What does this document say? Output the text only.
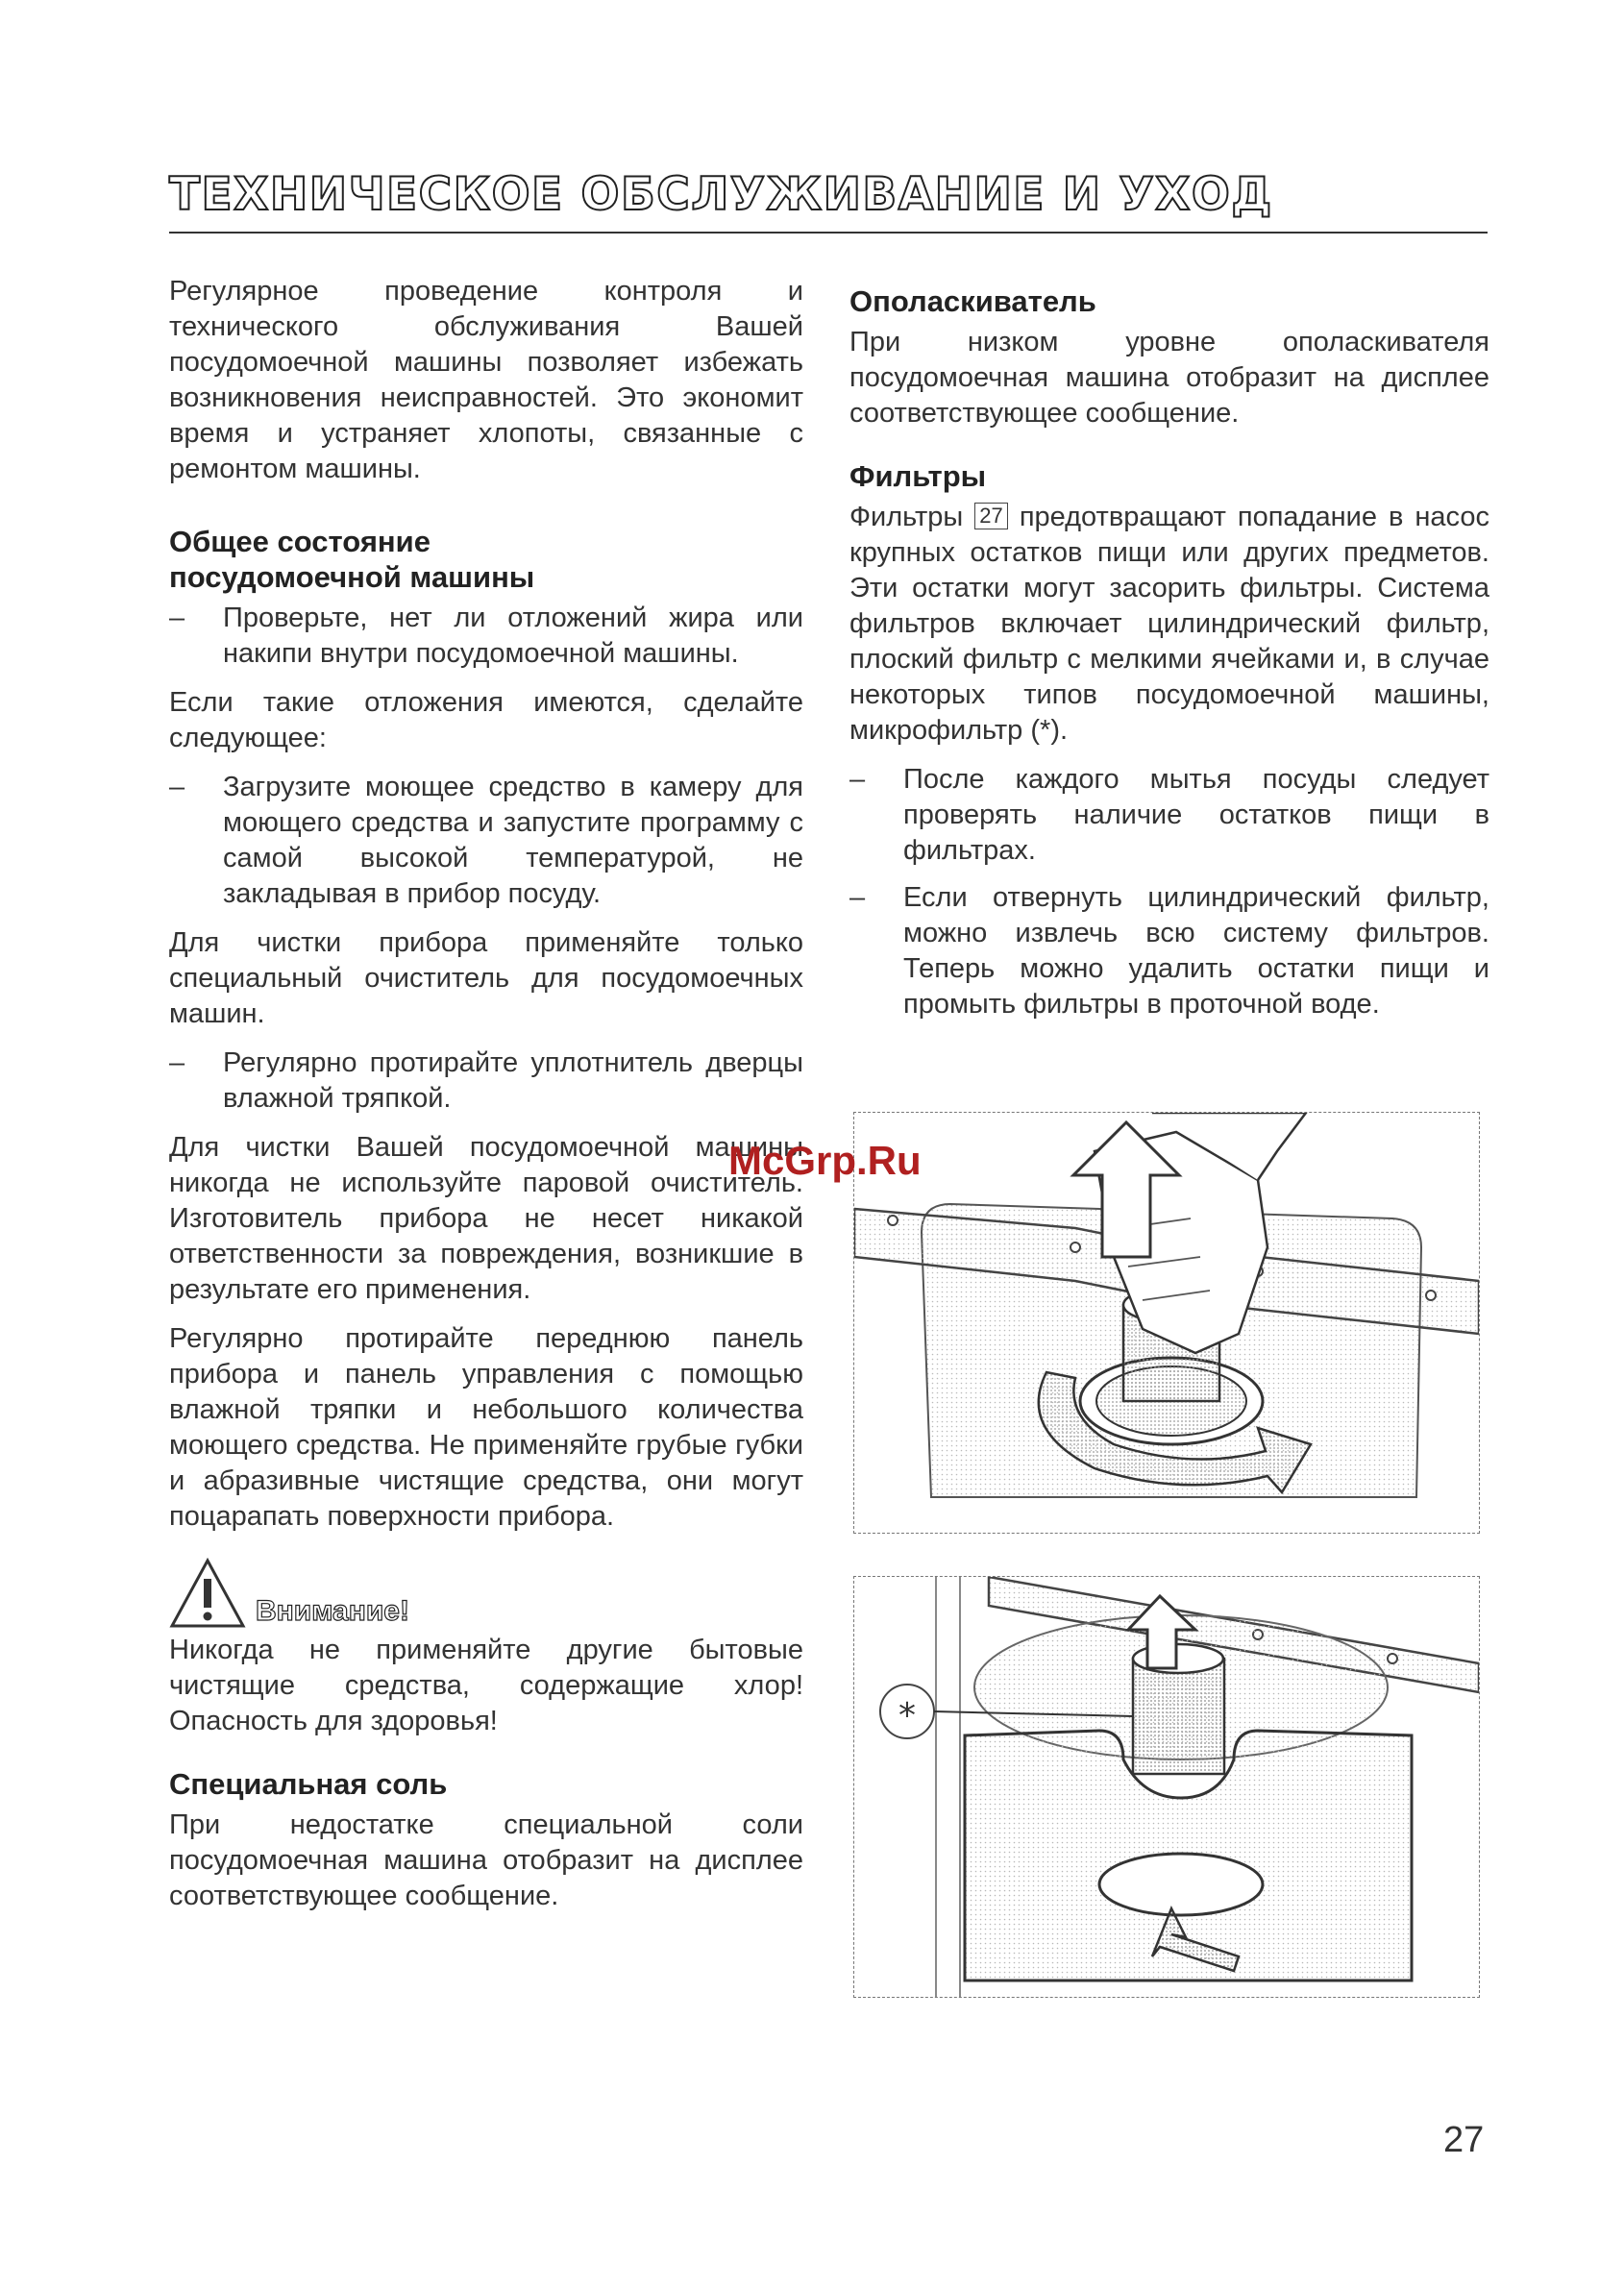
ТЕХНИЧЕСКОЕ ОБСЛУЖИВАНИЕ И УХОД

Регулярное проведение контроля и технического обслуживания Вашей посудомоечной машины позволяет избежать возникновения неисправностей. Это экономит время и устраняет хлопоты, связанные с ремонтом машины.

Общее состояние
посудомоечной машины
– Проверьте, нет ли отложений жира или накипи внутри посудомоечной машины.

Если такие отложения имеются, сделайте следующее:

– Загрузите моющее средство в камеру для моющего средства и запустите программу с самой высокой температурой, не закладывая в прибор посуду.

Для чистки прибора применяйте только специальный очиститель для посудомоечных машин.

– Регулярно протирайте уплотнитель дверцы влажной тряпкой.

Для чистки Вашей посудомоечной машины никогда не используйте паровой очиститель. Изготовитель прибора не несет никакой ответственности за повреждения, возникшие в результате его применения.

Регулярно протирайте переднюю панель прибора и панель управления с помощью влажной тряпки и небольшого количества моющего средства. Не применяйте грубые губки и абразивные чистящие средства, они могут поцарапать поверхности прибора.

Внимание!

Никогда не применяйте другие бытовые чистящие средства, содержащие хлор! Опасность для здоровья!

Специальная соль

При недостатке специальной соли посудомоечная машина отобразит на дисплее соответствующее сообщение.

Ополаскиватель

При низком уровне ополаскивателя посудомоечная машина отобразит на дисплее соответствующее сообщение.

Фильтры

Фильтры 27 предотвращают попадание в насос крупных остатков пищи или других предметов. Эти остатки могут засорить фильтры. Система фильтров включает цилиндрический фильтр, плоский фильтр с мелкими ячейками и, в случае некоторых типов посудомоечной машины, микрофильтр (*).

– После каждого мытья посуды следует проверять наличие остатков пищи в фильтрах.
– Если отвернуть цилиндрический фильтр, можно извлечь всю систему фильтров. Теперь можно удалить остатки пищи и промыть фильтры в проточной воде.
*
McGrp.Ru
27
